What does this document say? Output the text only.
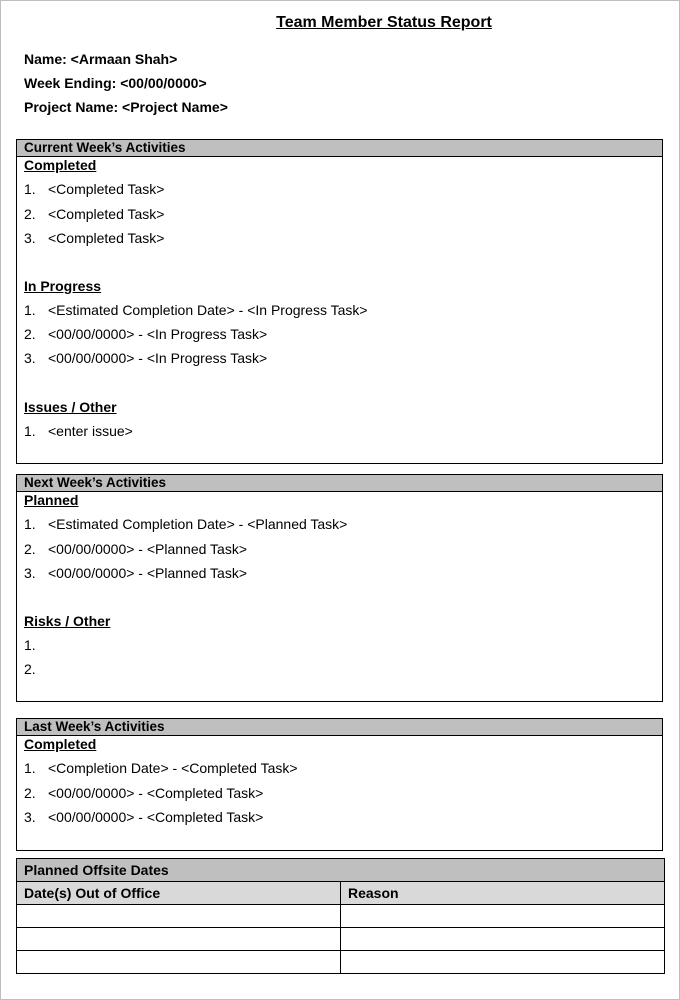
Team Member Status Report
Name: <Armaan Shah>
Week Ending: <00/00/0000>
Project Name: <Project Name>
Current Week’s Activities
Completed
1. <Completed Task>
2. <Completed Task>
3. <Completed Task>
In Progress
1. <Estimated Completion Date> - <In Progress Task>
2. <00/00/0000> - <In Progress Task>
3. <00/00/0000> - <In Progress Task>
Issues / Other
1. <enter issue>
Next Week’s Activities
Planned
1. <Estimated Completion Date> - <Planned Task>
2. <00/00/0000> - <Planned Task>
3. <00/00/0000> - <Planned Task>
Risks / Other
1.
2.
Last Week’s Activities
Completed
1. <Completion Date> - <Completed Task>
2. <00/00/0000> - <Completed Task>
3. <00/00/0000> - <Completed Task>
Planned Offsite Dates	
Date(s) Out of Office	Reason
